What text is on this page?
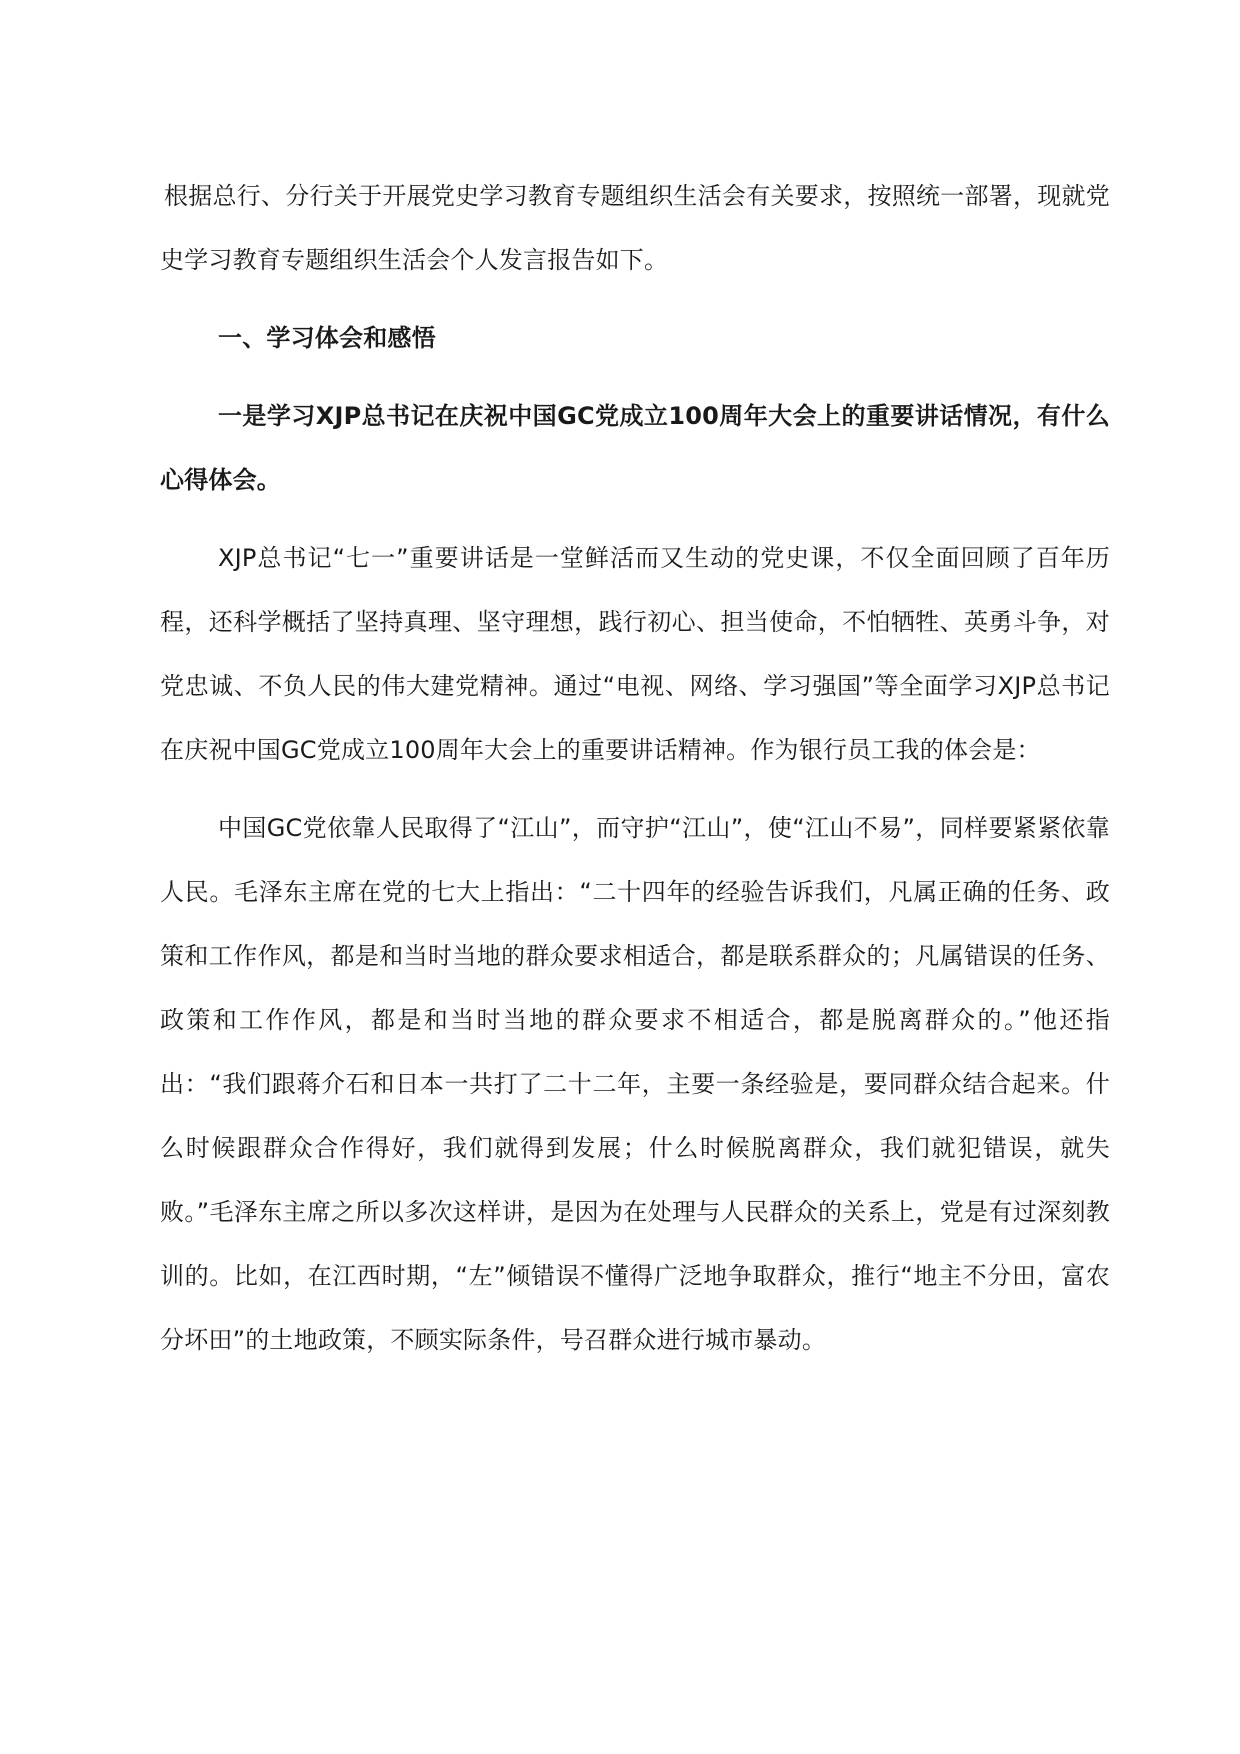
根据总行、分行关于开展党史学习教育专题组织生活会有关要求，按照统一部署，现就党史学习教育专题组织生活会个人发言报告如下。

一、学习体会和感悟

一是学习XJP总书记在庆祝中国GC党成立100周年大会上的重要讲话情况，有什么心得体会。

XJP总书记“七一”重要讲话是一堂鲜活而又生动的党史课，不仅全面回顾了百年历程，还科学概括了坚持真理、坚守理想，践行初心、担当使命，不怕牺牲、英勇斗争，对党忠诚、不负人民的伟大建党精神。通过“电视、网络、学习强国”等全面学习XJP总书记在庆祝中国GC党成立100周年大会上的重要讲话精神。作为银行员工我的体会是：

中国GC党依靠人民取得了“江山”，而守护“江山”，使“江山不易”，同样要紧紧依靠人民。毛泽东主席在党的七大上指出：“二十四年的经验告诉我们，凡属正确的任务、政策和工作作风，都是和当时当地的群众要求相适合，都是联系群众的；凡属错误的任务、政策和工作作风，都是和当时当地的群众要求不相适合，都是脱离群众的。”他还指出：“我们跟蒋介石和日本一共打了二十二年，主要一条经验是，要同群众结合起来。什么时候跟群众合作得好，我们就得到发展；什么时候脱离群众，我们就犯错误，就失败。”毛泽东主席之所以多次这样讲，是因为在处理与人民群众的关系上，党是有过深刻教训的。比如，在江西时期，“左”倾错误不懂得广泛地争取群众，推行“地主不分田，富农分坏田”的土地政策，不顾实际条件，号召群众进行城市暴动。
